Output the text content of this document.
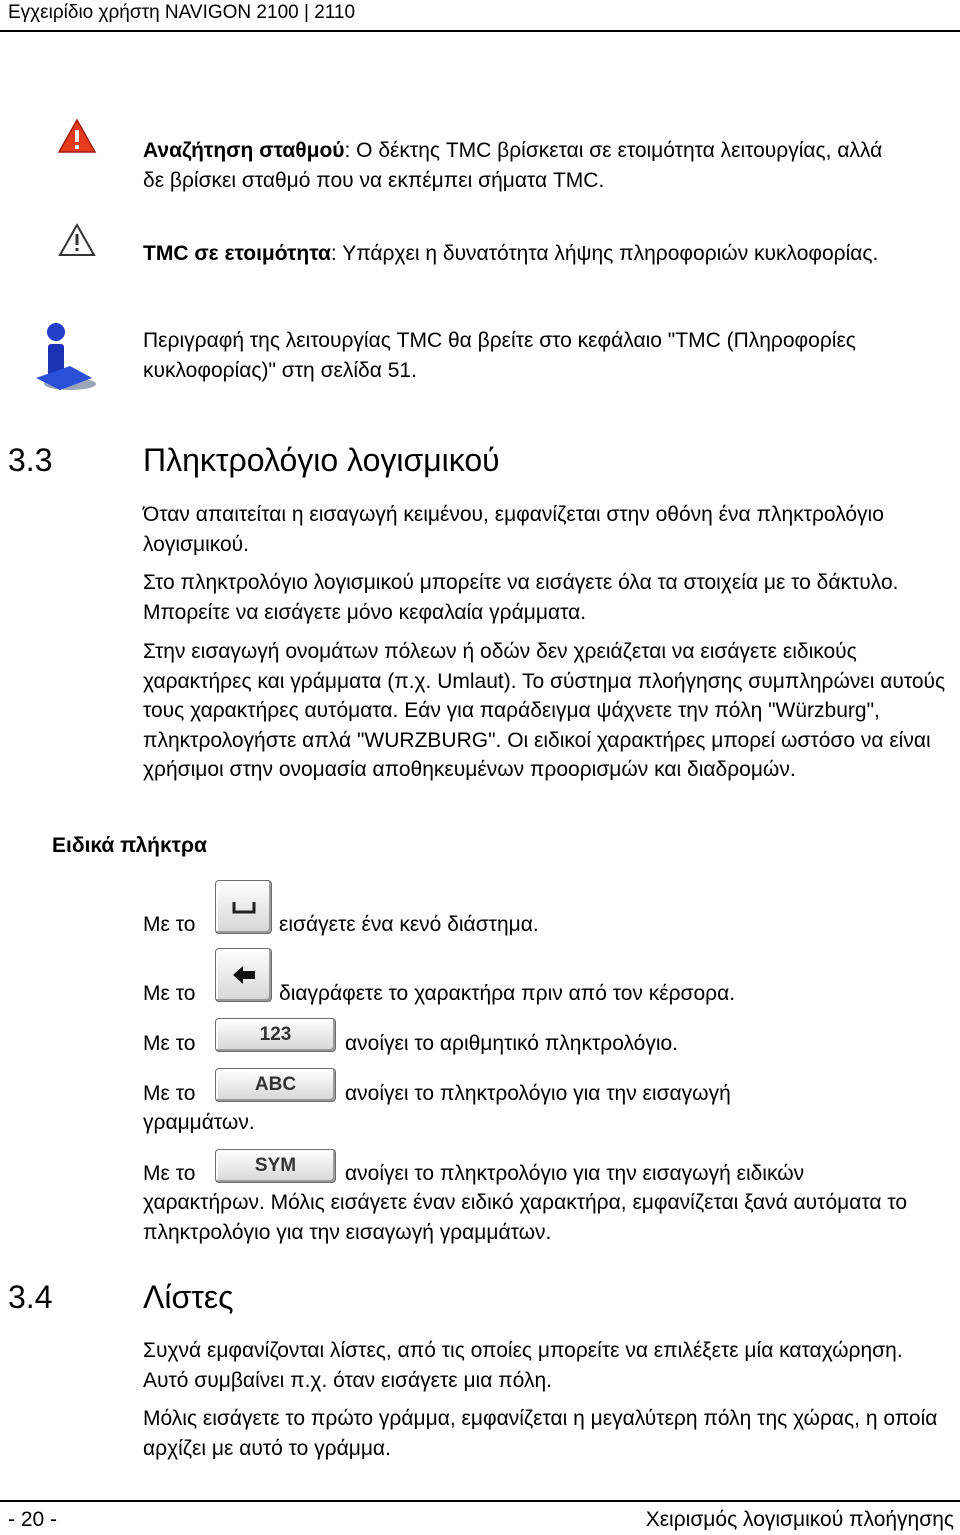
Εγχειρίδιο χρήστη NAVIGON 2100 | 2110
Αναζήτηση σταθμού: Ο δέκτης TMC βρίσκεται σε ετοιμότητα λειτουργίας, αλλά δε βρίσκει σταθμό που να εκπέμπει σήματα TMC.
TMC σε ετοιμότητα: Υπάρχει η δυνατότητα λήψης πληροφοριών κυκλοφορίας.
Περιγραφή της λειτουργίας TMC θα βρείτε στο κεφάλαιο "TMC (Πληροφορίες κυκλοφορίας)" στη σελίδα 51.
3.3	Πληκτρολόγιο λογισμικού
Όταν απαιτείται η εισαγωγή κειμένου, εμφανίζεται στην οθόνη ένα πληκτρολόγιο λογισμικού.
Στο πληκτρολόγιο λογισμικού μπορείτε να εισάγετε όλα τα στοιχεία με το δάκτυλο. Μπορείτε να εισάγετε μόνο κεφαλαία γράμματα.
Στην εισαγωγή ονομάτων πόλεων ή οδών δεν χρειάζεται να εισάγετε ειδικούς χαρακτήρες και γράμματα (π.χ. Umlaut). Το σύστημα πλοήγησης συμπληρώνει αυτούς τους χαρακτήρες αυτόματα. Εάν για παράδειγμα ψάχνετε την πόλη "Würzburg", πληκτρολογήστε απλά "WURZBURG". Οι ειδικοί χαρακτήρες μπορεί ωστόσο να είναι χρήσιμοι στην ονομασία αποθηκευμένων προορισμών και διαδρομών.
Ειδικά πλήκτρα
Με το	εισάγετε ένα κενό διάστημα.
Με το	διαγράφετε το χαρακτήρα πριν από τον κέρσορα.
Με το	123	ανοίγει το αριθμητικό πληκτρολόγιο.
Με το	ABC	ανοίγει το πληκτρολόγιο για την εισαγωγή
γραμμάτων.
Με το	SYM	ανοίγει το πληκτρολόγιο για την εισαγωγή ειδικών
χαρακτήρων. Μόλις εισάγετε έναν ειδικό χαρακτήρα, εμφανίζεται ξανά αυτόματα το πληκτρολόγιο για την εισαγωγή γραμμάτων.
3.4	Λίστες
Συχνά εμφανίζονται λίστες, από τις οποίες μπορείτε να επιλέξετε μία καταχώρηση. Αυτό συμβαίνει π.χ. όταν εισάγετε μια πόλη.
Μόλις εισάγετε το πρώτο γράμμα, εμφανίζεται η μεγαλύτερη πόλη της χώρας, η οποία αρχίζει με αυτό το γράμμα.
- 20 -	Χειρισμός λογισμικού πλοήγησης
